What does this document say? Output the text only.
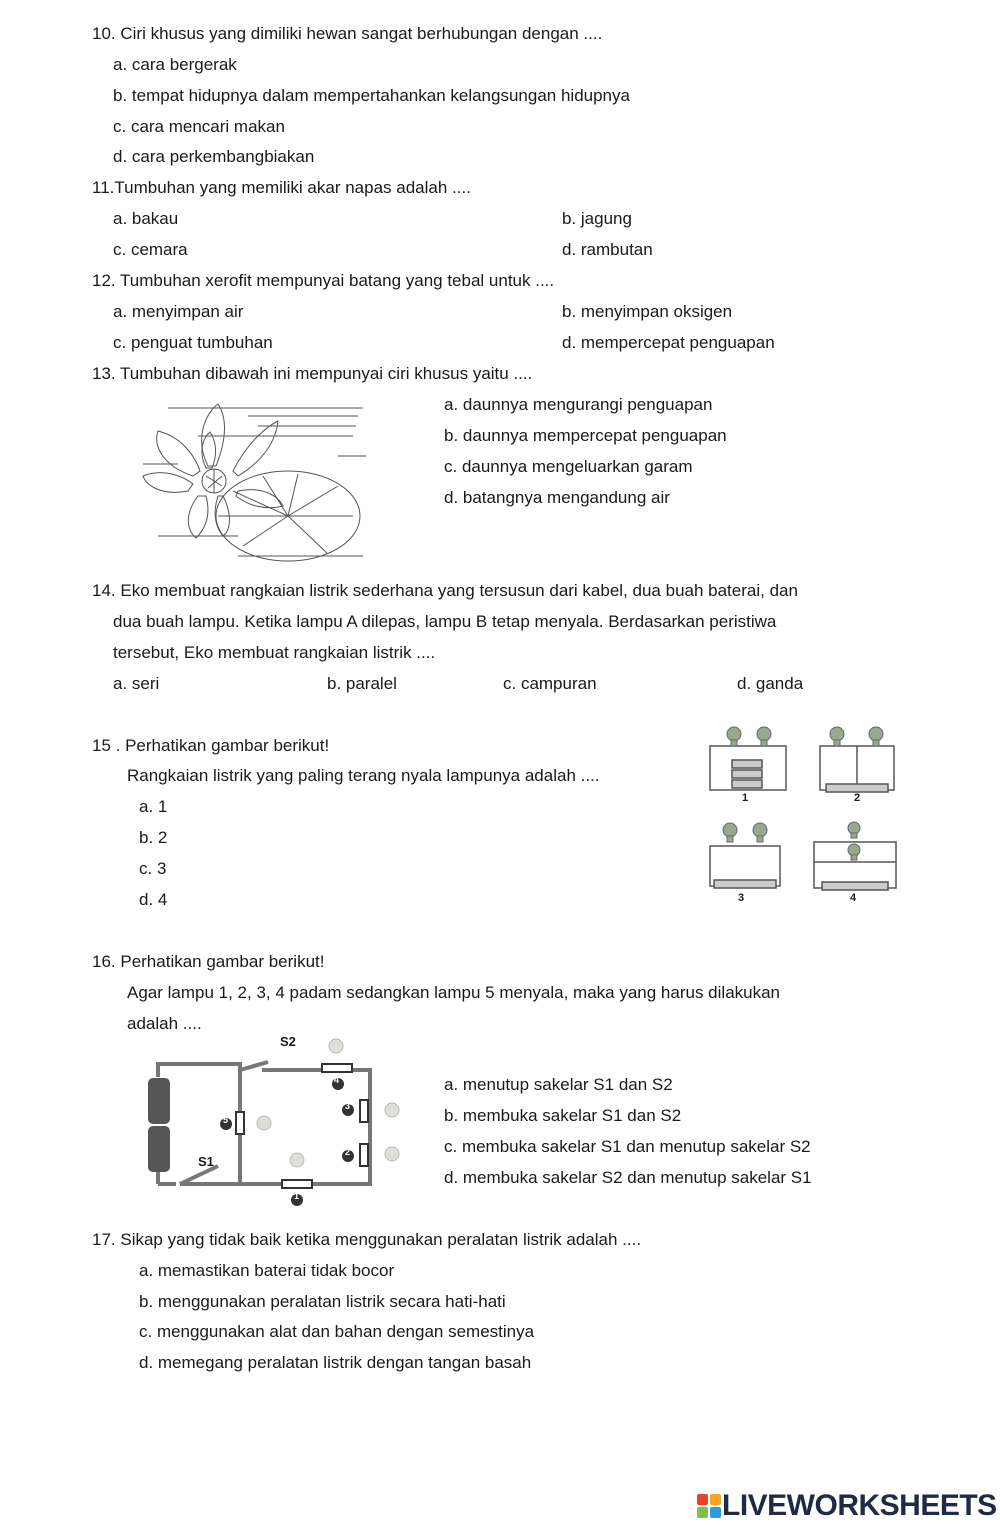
10. Ciri khusus yang dimiliki hewan sangat berhubungan dengan ....
a. cara bergerak
b. tempat hidupnya dalam mempertahankan kelangsungan hidupnya
c. cara mencari makan
d. cara perkembangbiakan
11.Tumbuhan yang memiliki akar napas adalah ....
a. bakau	b. jagung
c. cemara	d. rambutan
12. Tumbuhan xerofit mempunyai batang yang tebal untuk ....
a. menyimpan air	b. menyimpan oksigen
c. penguat tumbuhan	d. mempercepat penguapan
13. Tumbuhan dibawah ini mempunyai ciri khusus yaitu ....
a. daunnya mengurangi penguapan
b. daunnya mempercepat penguapan
c. daunnya mengeluarkan garam
d. batangnya mengandung air
14. Eko membuat rangkaian listrik sederhana yang tersusun dari kabel, dua buah baterai, dan
dua buah lampu. Ketika lampu A dilepas, lampu B tetap menyala. Berdasarkan peristiwa
tersebut, Eko membuat rangkaian listrik ....
a. seri	b. paralel	c. campuran	d. ganda
15 . Perhatikan gambar berikut!
Rangkaian listrik yang paling terang nyala lampunya adalah ....
a. 1
b. 2
c. 3
d. 4
1	2
3	4
16. Perhatikan gambar berikut!
Agar lampu 1, 2, 3, 4 padam sedangkan lampu 5 menyala, maka yang harus dilakukan
adalah ....
S2
S1
4
3
2
5
1
a. menutup sakelar S1 dan S2
b. membuka sakelar S1 dan S2
c. membuka sakelar S1 dan menutup sakelar S2
d. membuka sakelar S2 dan menutup sakelar S1
17. Sikap yang tidak baik ketika menggunakan peralatan listrik adalah ....
a. memastikan baterai tidak bocor
b. menggunakan peralatan listrik secara hati-hati
c. menggunakan alat dan bahan dengan semestinya
d. memegang peralatan listrik dengan tangan basah
LIVEWORKSHEETS
